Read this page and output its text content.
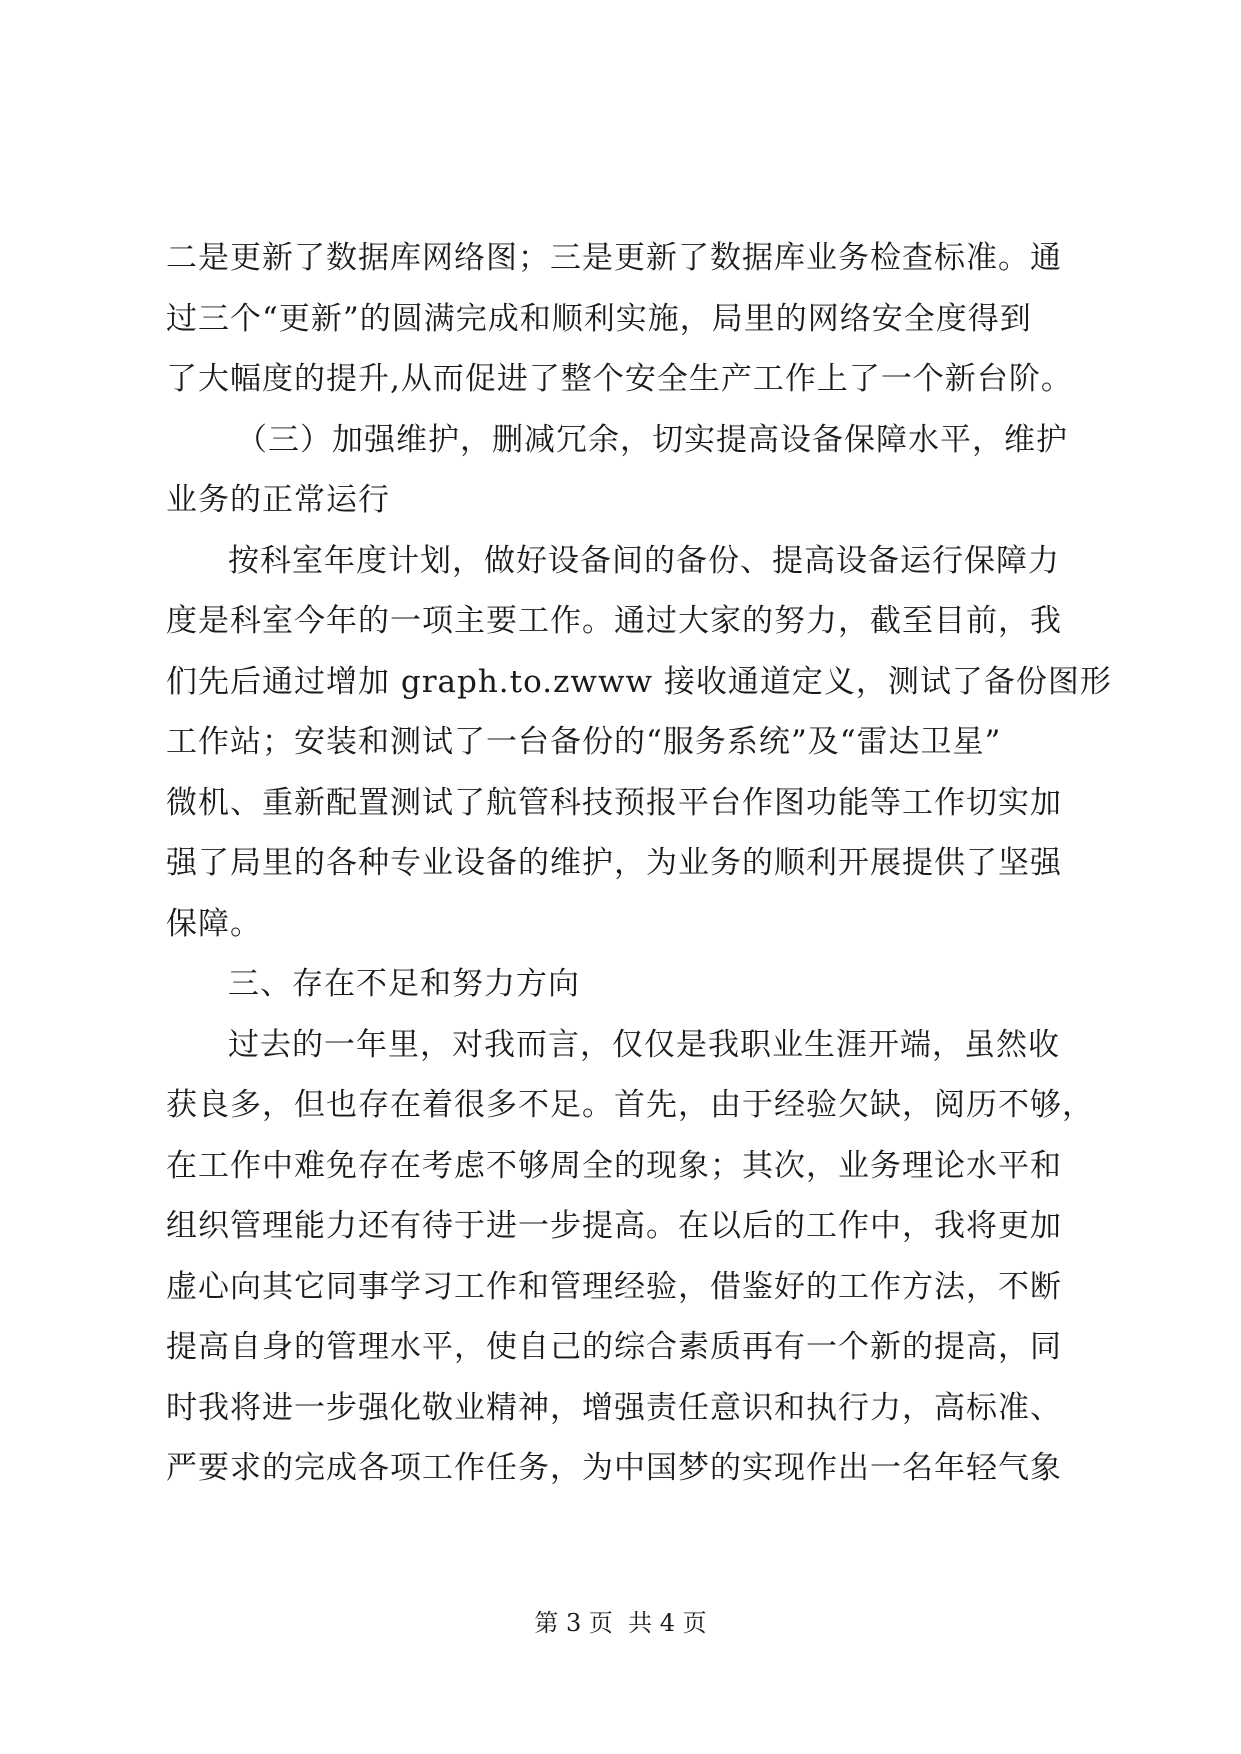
二是更新了数据库网络图；三是更新了数据库业务检查标准。通
过三个“更新”的圆满完成和顺利实施，局里的网络安全度得到
了大幅度的提升,从而促进了整个安全生产工作上了一个新台阶。
（三）加强维护，删减冗余，切实提高设备保障水平，维护
业务的正常运行
按科室年度计划，做好设备间的备份、提高设备运行保障力
度是科室今年的一项主要工作。通过大家的努力，截至目前，我
们先后通过增加 graph.to.zwww 接收通道定义，测试了备份图形
工作站；安装和测试了一台备份的“服务系统”及“雷达卫星”
微机、重新配置测试了航管科技预报平台作图功能等工作切实加
强了局里的各种专业设备的维护，为业务的顺利开展提供了坚强
保障。
三、存在不足和努力方向
过去的一年里，对我而言，仅仅是我职业生涯开端，虽然收
获良多，但也存在着很多不足。首先，由于经验欠缺，阅历不够，
在工作中难免存在考虑不够周全的现象；其次，业务理论水平和
组织管理能力还有待于进一步提高。在以后的工作中，我将更加
虚心向其它同事学习工作和管理经验，借鉴好的工作方法，不断
提高自身的管理水平，使自己的综合素质再有一个新的提高，同
时我将进一步强化敬业精神，增强责任意识和执行力，高标准、
严要求的完成各项工作任务，为中国梦的实现作出一名年轻气象
第 3 页  共 4 页
